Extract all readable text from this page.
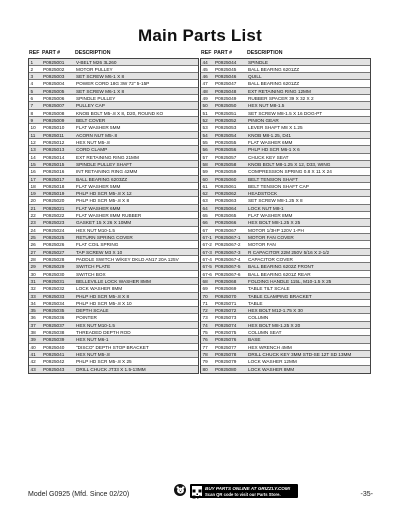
Main Parts List
REF PART #	DESCRIPTION
1	P0925001	V-BELT M26 3L260
2	P0925002	MOTOR PULLEY
3	P0925003	SET SCREW M6-1 X 8
4	P0925004	POWER CORD 18G 3W 72" 5-15P
5	P0925005	SET SCREW M6-1 X 8
6	P0925006	SPINDLE PULLEY
7	P0925007	PULLEY CAP
8	P0925008	KNOB BOLT M5-.8 X 8, D20, ROUND KO
9	P0925009	BELT COVER
10	P0925010	FLAT WASHER 5MM
11	P0925011	ACORN NUT M5-.8
12	P0925012	HEX NUT M5-.8
13	P0925013	CORD CLAMP
14	P0925014	EXT RETAINING RING 21MM
15	P0925015	SPINDLE PULLEY SHAFT
16	P0925016	INT RETAINING RING 42MM
17	P0925017	BALL BEARING 6203ZZ
18	P0925018	FLAT WASHER 5MM
19	P0925019	PHLP HD SCR M5-.8 X 12
20	P0925020	PHLP HD SCR M5-.8 X 8
21	P0925021	FLAT WASHER 6MM
22	P0925022	FLAT WASHER 8MM RUBBER
23	P0925023	GASKET 15 X 26 X 10MM
24	P0925024	HEX NUT M10-1.5
25	P0925025	RETURN SPRING COVER
26	P0925026	FLAT COIL SPRING
27	P0925027	TAP SCREW M3 X 10
28	P0925028	PADDLE SWITCH W/KEY DKLD AN17 20A 125V
29	P0925029	SWITCH PLATE
30	P0925030	SWITCH BOX
31	P0925031	BELLEVILLE LOCK WASHER 8MM
32	P0925032	LOCK WASHER 8MM
33	P0925033	PHLP HD SCR M5-.8 X 8
34	P0925034	PHLP HD SCR M5-.8 X 10
35	P0925035	DEPTH SCALE
36	P0925036	POINTER
37	P0925037	HEX NUT M10-1.5
38	P0925038	THREADED DEPTH ROD
39	P0925039	HEX NUT M6-1
40	P0925040	"DISCO" DEPTH STOP BRACKET
41	P0925041	HEX NUT M5-.8
42	P0925042	PHLP HD SCR M5-.8 X 25
43	P0925043	DRILL CHUCK JT33 X 1.5-13MM
REF PART #	DESCRIPTION
44	P0925044	SPINDLE
45	P0925045	BALL BEARING 6201ZZ
46	P0925046	QUILL
47	P0925047	BALL BEARING 6201ZZ
48	P0925048	EXT RETAINING RING 12MM
49	P0925049	RUBBER SPACER 39 X 32 X 2
50	P0925050	HEX NUT M8-1.5
51	P0925051	SET SCREW M8-1.5 X 16 DOG-PT
52	P0925052	PINION GEAR
53	P0925053	LEVER SHAFT M8 X 1.25
54	P0925054	KNOB M8-1.25, D41
55	P0925055	FLAT WASHER 6MM
56	P0925056	PHLP HD SCR M6-1 X 6
57	P0925057	CHUCK KEY SEAT
58	P0925058	KNOB BOLT M8-1.25 X 12, D33, WING
59	P0925059	COMPRESSION SPRING 0.8 X 11 X 24
60	P0925060	BELT TENSION SHAFT
61	P0925061	BELT TENSION SHAFT CAP
62	P0925062	HEADSTOCK
63	P0925063	SET SCREW M8-1.25 X 8
64	P0925064	LOCK NUT M8-1
65	P0925065	FLAT WASHER 8MM
66	P0925066	HEX BOLT M8-1.25 X 25
67	P0925067	MOTOR 1/3HP 120V 1-PH
67-1 P0925067-1	MOTOR FAN COVER
67-2 P0925067-2	MOTOR FAN
67-3 P0925067-3	R CAPACITOR 22M 250V 5/16 X 2-1/2
67-4 P0925067-4	CAPACITOR COVER
67-5 P0925067-5	BALL BEARING 6202Z FRONT
67-6 P0925067-6	BALL BEARING 6201Z REAR
68	P0925068	FOLDING HANDLE 115L, M10-1.5 X 25
69	P0925069	TABLE TILT SCALE
70	P0925070	TABLE CLAMPING BRACKET
71	P0925071	TABLE
72	P0925072	HEX BOLT M12-1.75 X 30
73	P0925073	COLUMN
74	P0925074	HEX BOLT M8-1.25 X 20
75	P0925075	COLUMN SEAT
76	P0925076	BASE
77	P0925077	HEX WRENCH 4MM
78	P0925078	DRILL CHUCK KEY 3MM STD-SE 12T SD 13MM
79	P0925079	LOCK WASHER 12MM
80	P0925080	LOCK WASHER 8MM
Model G0925 (Mfd. Since 02/20)
BUY PARTS ONLINE AT GRIZZLY.COM!
Scan QR code to visit our Parts Store.	-35-
